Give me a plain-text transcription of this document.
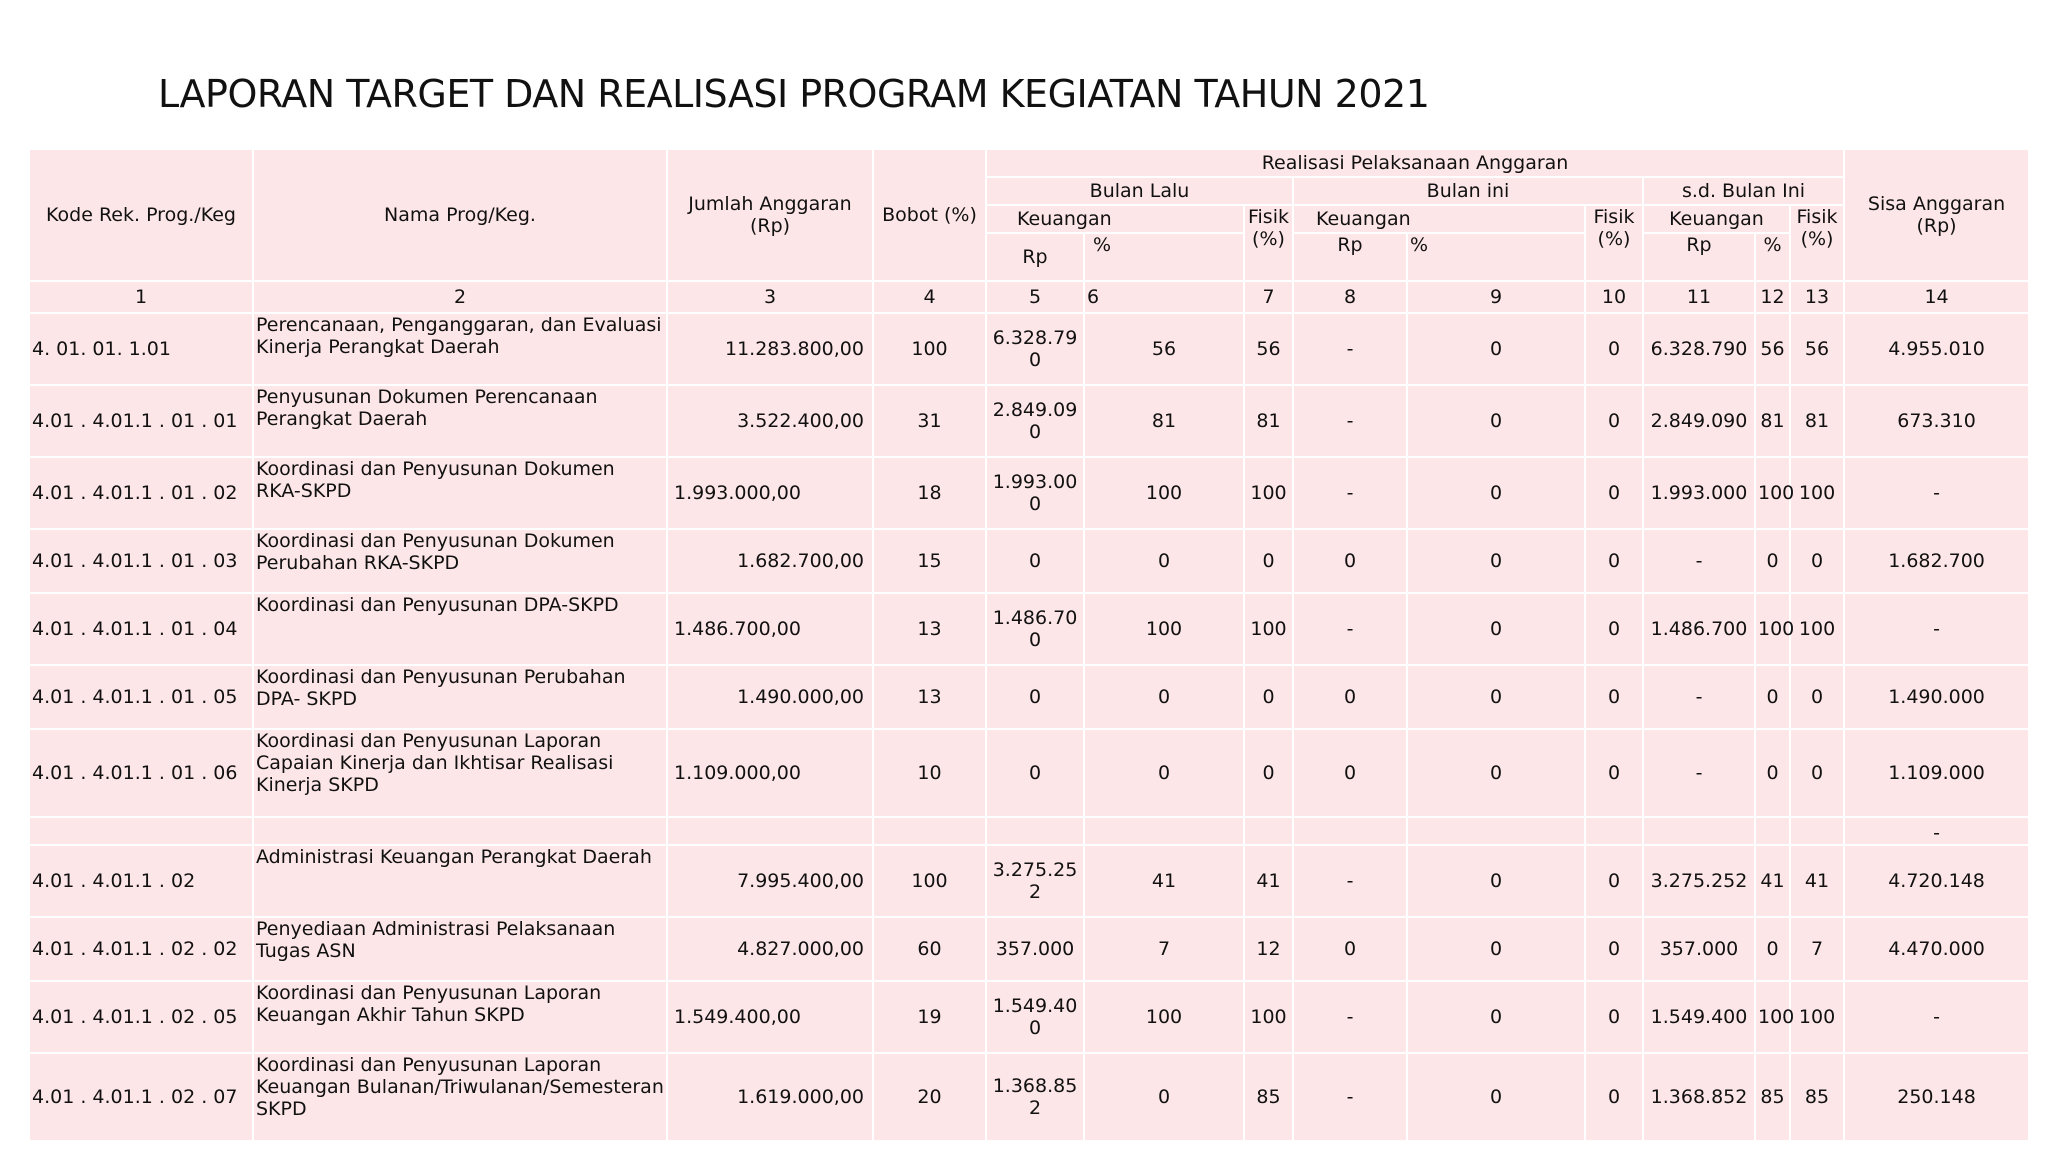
LAPORAN TARGET DAN REALISASI PROGRAM KEGIATAN TAHUN 2021
Kode Rek. Prog./Keg	Nama Prog/Keg.	Jumlah Anggaran (Rp)	Bobot (%)	Realisasi Pelaksanaan Anggaran									Sisa Anggaran (Rp)
				Bulan Lalu			Bulan ini			s.d. Bulan Ini			
				Keuangan		Fisik (%)	Keuangan		Fisik (%)	Keuangan		Fisik (%)	
				Rp	%		Rp	%		Rp	%		
1	2	3	4	5	6	7	8	9	10	11	12	13	14
4. 01. 01. 1.01	Perencanaan, Penganggaran, dan Evaluasi Kinerja Perangkat Daerah	11.283.800,00	100	6.328.790	56	56	-	0	0	6.328.790	56	56	4.955.010
4.01 . 4.01.1 . 01 . 01	Penyusunan Dokumen Perencanaan Perangkat Daerah	3.522.400,00	31	2.849.090	81	81	-	0	0	2.849.090	81	81	673.310
4.01 . 4.01.1 . 01 . 02	Koordinasi dan Penyusunan Dokumen RKA-SKPD	1.993.000,00	18	1.993.000	100	100	-	0	0	1.993.000	100	100	-
4.01 . 4.01.1 . 01 . 03	Koordinasi dan Penyusunan Dokumen Perubahan RKA-SKPD	1.682.700,00	15	0	0	0	0	0	0	-	0	0	1.682.700
4.01 . 4.01.1 . 01 . 04	Koordinasi dan Penyusunan DPA-SKPD	1.486.700,00	13	1.486.700	100	100	-	0	0	1.486.700	100	100	-
4.01 . 4.01.1 . 01 . 05	Koordinasi dan Penyusunan Perubahan DPA- SKPD	1.490.000,00	13	0	0	0	0	0	0	-	0	0	1.490.000
4.01 . 4.01.1 . 01 . 06	Koordinasi dan Penyusunan Laporan Capaian Kinerja dan Ikhtisar Realisasi Kinerja SKPD	1.109.000,00	10	0	0	0	0	0	0	-	0	0	1.109.000
													-
4.01 . 4.01.1 . 02	Administrasi Keuangan Perangkat Daerah	7.995.400,00	100	3.275.252	41	41	-	0	0	3.275.252	41	41	4.720.148
4.01 . 4.01.1 . 02 . 02	Penyediaan Administrasi Pelaksanaan Tugas ASN	4.827.000,00	60	357.000	7	12	0	0	0	357.000	0	7	4.470.000
4.01 . 4.01.1 . 02 . 05	Koordinasi dan Penyusunan Laporan Keuangan Akhir Tahun SKPD	1.549.400,00	19	1.549.400	100	100	-	0	0	1.549.400	100	100	-
4.01 . 4.01.1 . 02 . 07	Koordinasi dan Penyusunan Laporan Keuangan Bulanan/Triwulanan/Semesteran SKPD	1.619.000,00	20	1.368.852	0	85	-	0	0	1.368.852	85	85	250.148
